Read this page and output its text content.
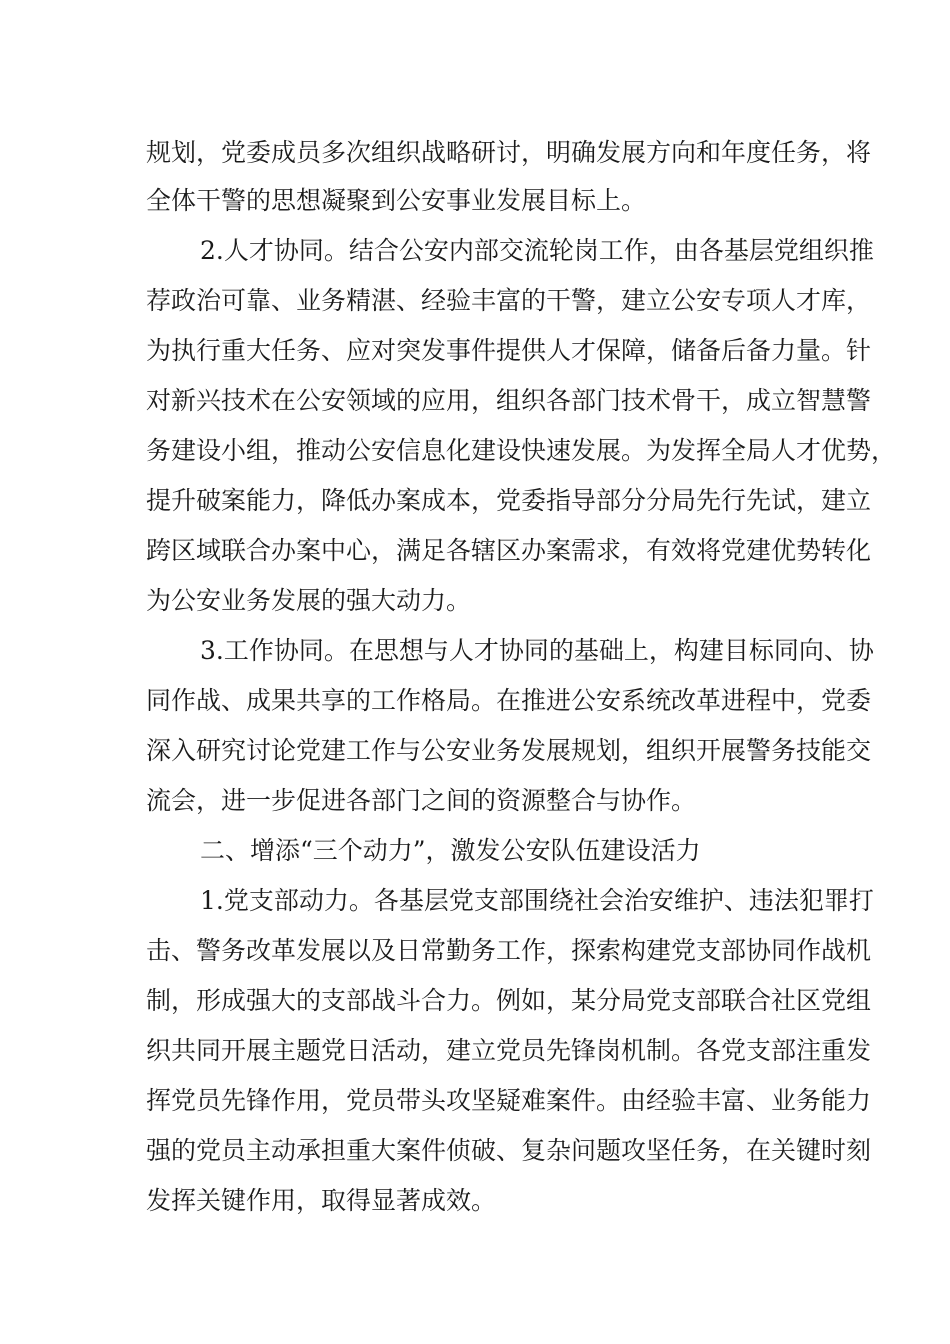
规划，党委成员多次组织战略研讨，明确发展方向和年度任务，将
全体干警的思想凝聚到公安事业发展目标上。
2.人才协同。结合公安内部交流轮岗工作，由各基层党组织推
荐政治可靠、业务精湛、经验丰富的干警，建立公安专项人才库，
为执行重大任务、应对突发事件提供人才保障，储备后备力量。针
对新兴技术在公安领域的应用，组织各部门技术骨干，成立智慧警
务建设小组，推动公安信息化建设快速发展。为发挥全局人才优势，
提升破案能力，降低办案成本，党委指导部分分局先行先试，建立
跨区域联合办案中心，满足各辖区办案需求，有效将党建优势转化
为公安业务发展的强大动力。
3.工作协同。在思想与人才协同的基础上，构建目标同向、协
同作战、成果共享的工作格局。在推进公安系统改革进程中，党委
深入研究讨论党建工作与公安业务发展规划，组织开展警务技能交
流会，进一步促进各部门之间的资源整合与协作。
二、增添“三个动力”，激发公安队伍建设活力
1.党支部动力。各基层党支部围绕社会治安维护、违法犯罪打
击、警务改革发展以及日常勤务工作，探索构建党支部协同作战机
制，形成强大的支部战斗合力。例如，某分局党支部联合社区党组
织共同开展主题党日活动，建立党员先锋岗机制。各党支部注重发
挥党员先锋作用，党员带头攻坚疑难案件。由经验丰富、业务能力
强的党员主动承担重大案件侦破、复杂问题攻坚任务，在关键时刻
发挥关键作用，取得显著成效。
